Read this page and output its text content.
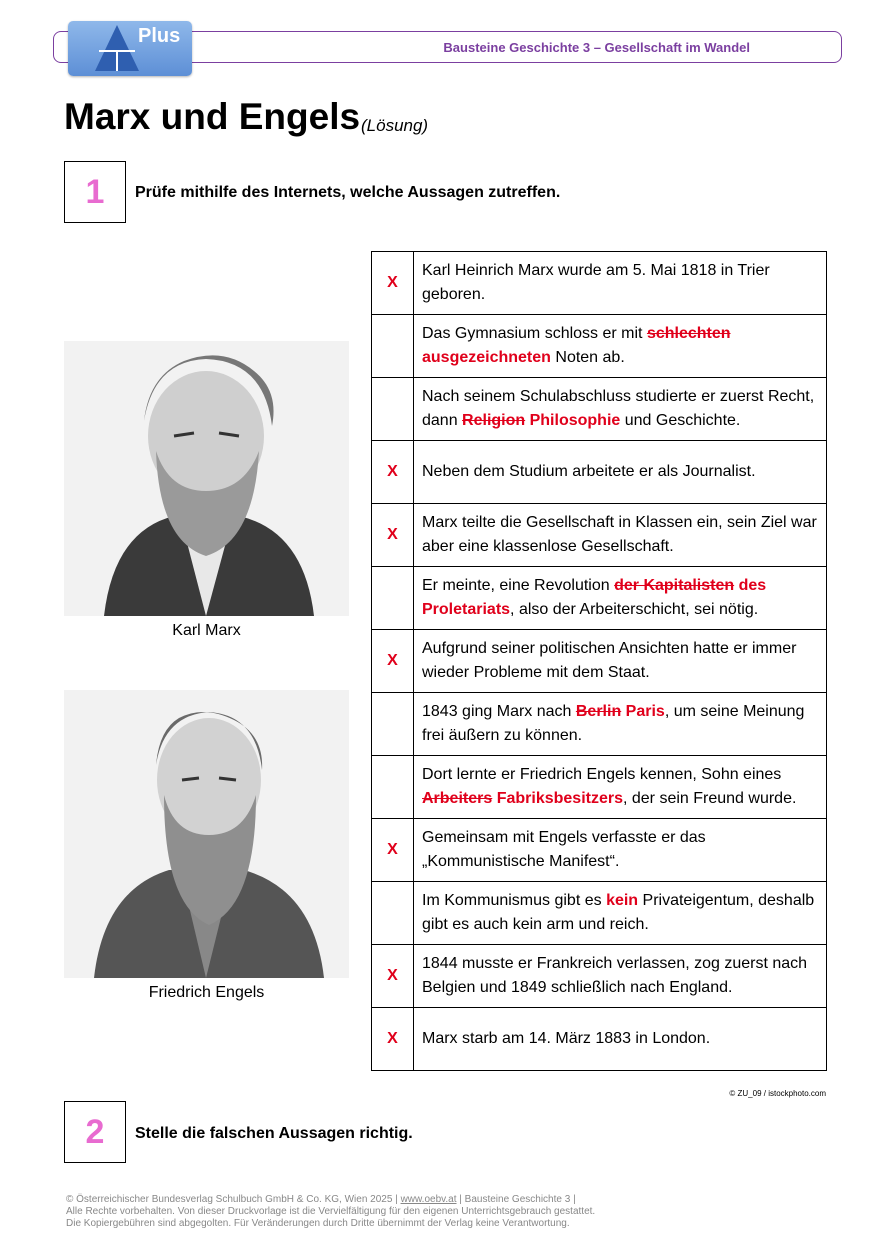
Bausteine Geschichte 3 – Gesellschaft im Wandel
Plus
Marx und Engels (Lösung)
1	Prüfe mithilfe des Internets, welche Aussagen zutreffen.
Karl Marx
Friedrich Engels
X	Karl Heinrich Marx wurde am 5. Mai 1818 in Trier geboren.
	Das Gymnasium schloss er mit schlechten ausgezeichneten Noten ab.
	Nach seinem Schulabschluss studierte er zuerst Recht, dann Religion Philosophie und Geschichte.
X	Neben dem Studium arbeitete er als Journalist.
X	Marx teilte die Gesellschaft in Klassen ein, sein Ziel war aber eine klassenlose Gesellschaft.
	Er meinte, eine Revolution der Kapitalisten des Proletariats, also der Arbeiterschicht, sei nötig.
X	Aufgrund seiner politischen Ansichten hatte er immer wieder Probleme mit dem Staat.
	1843 ging Marx nach Berlin Paris, um seine Meinung frei äußern zu können.
	Dort lernte er Friedrich Engels kennen, Sohn eines Arbeiters Fabriksbesitzers, der sein Freund wurde.
X	Gemeinsam mit Engels verfasste er das „Kommunistische Manifest“.
	Im Kommunismus gibt es kein Privateigentum, deshalb gibt es auch kein arm und reich.
X	1844 musste er Frankreich verlassen, zog zuerst nach Belgien und 1849 schließlich nach England.
X	Marx starb am 14. März 1883 in London.
© ZU_09 / istockphoto.com
2	Stelle die falschen Aussagen richtig.
© Österreichischer Bundesverlag Schulbuch GmbH & Co. KG, Wien 2025 | www.oebv.at | Bausteine Geschichte 3 |
Alle Rechte vorbehalten. Von dieser Druckvorlage ist die Vervielfältigung für den eigenen Unterrichtsgebrauch gestattet.
Die Kopiergebühren sind abgegolten. Für Veränderungen durch Dritte übernimmt der Verlag keine Verantwortung.
